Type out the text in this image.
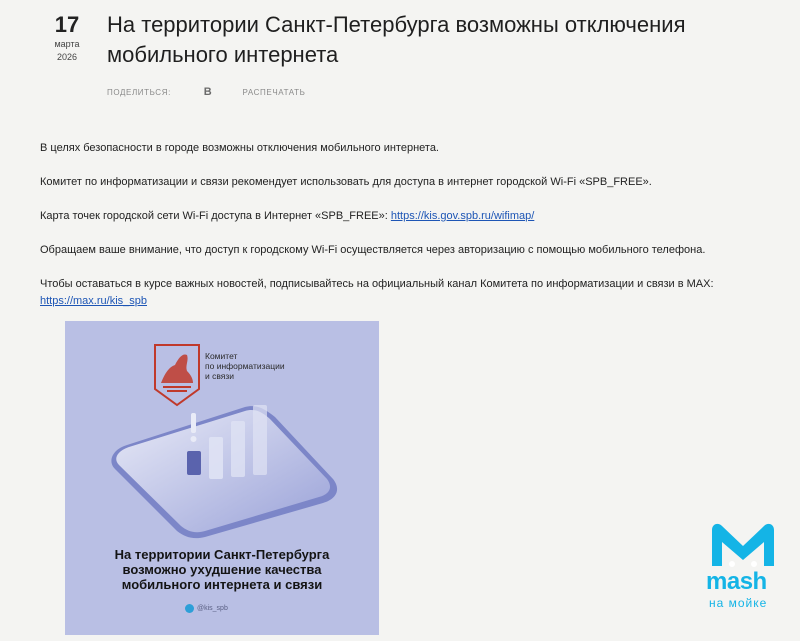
17
марта
2026
На территории Санкт-Петербурга возможны отключения мобильного интернета
ПОДЕЛИТЬСЯ:	В	РАСПЕЧАТАТЬ

В целях безопасности в городе возможны отключения мобильного интернета.

Комитет по информатизации и связи рекомендует использовать для доступа в интернет городской Wi-Fi «SPB_FREE».

Карта точек городской сети Wi-Fi доступа в Интернет «SPB_FREE»: https://kis.gov.spb.ru/wifimap/

Обращаем ваше внимание, что доступ к городскому Wi-Fi осуществляется через авторизацию с помощью мобильного телефона.

Чтобы оставаться в курсе важных новостей, подписывайтесь на официальный канал Комитета по информатизации и связи в MAX: https://max.ru/kis_spb

Комитет
по информатизации
и связи
На территории Санкт-Петербурга
возможно ухудшение качества
мобильного интернета и связи
@kis_spb
mash
на мойке
